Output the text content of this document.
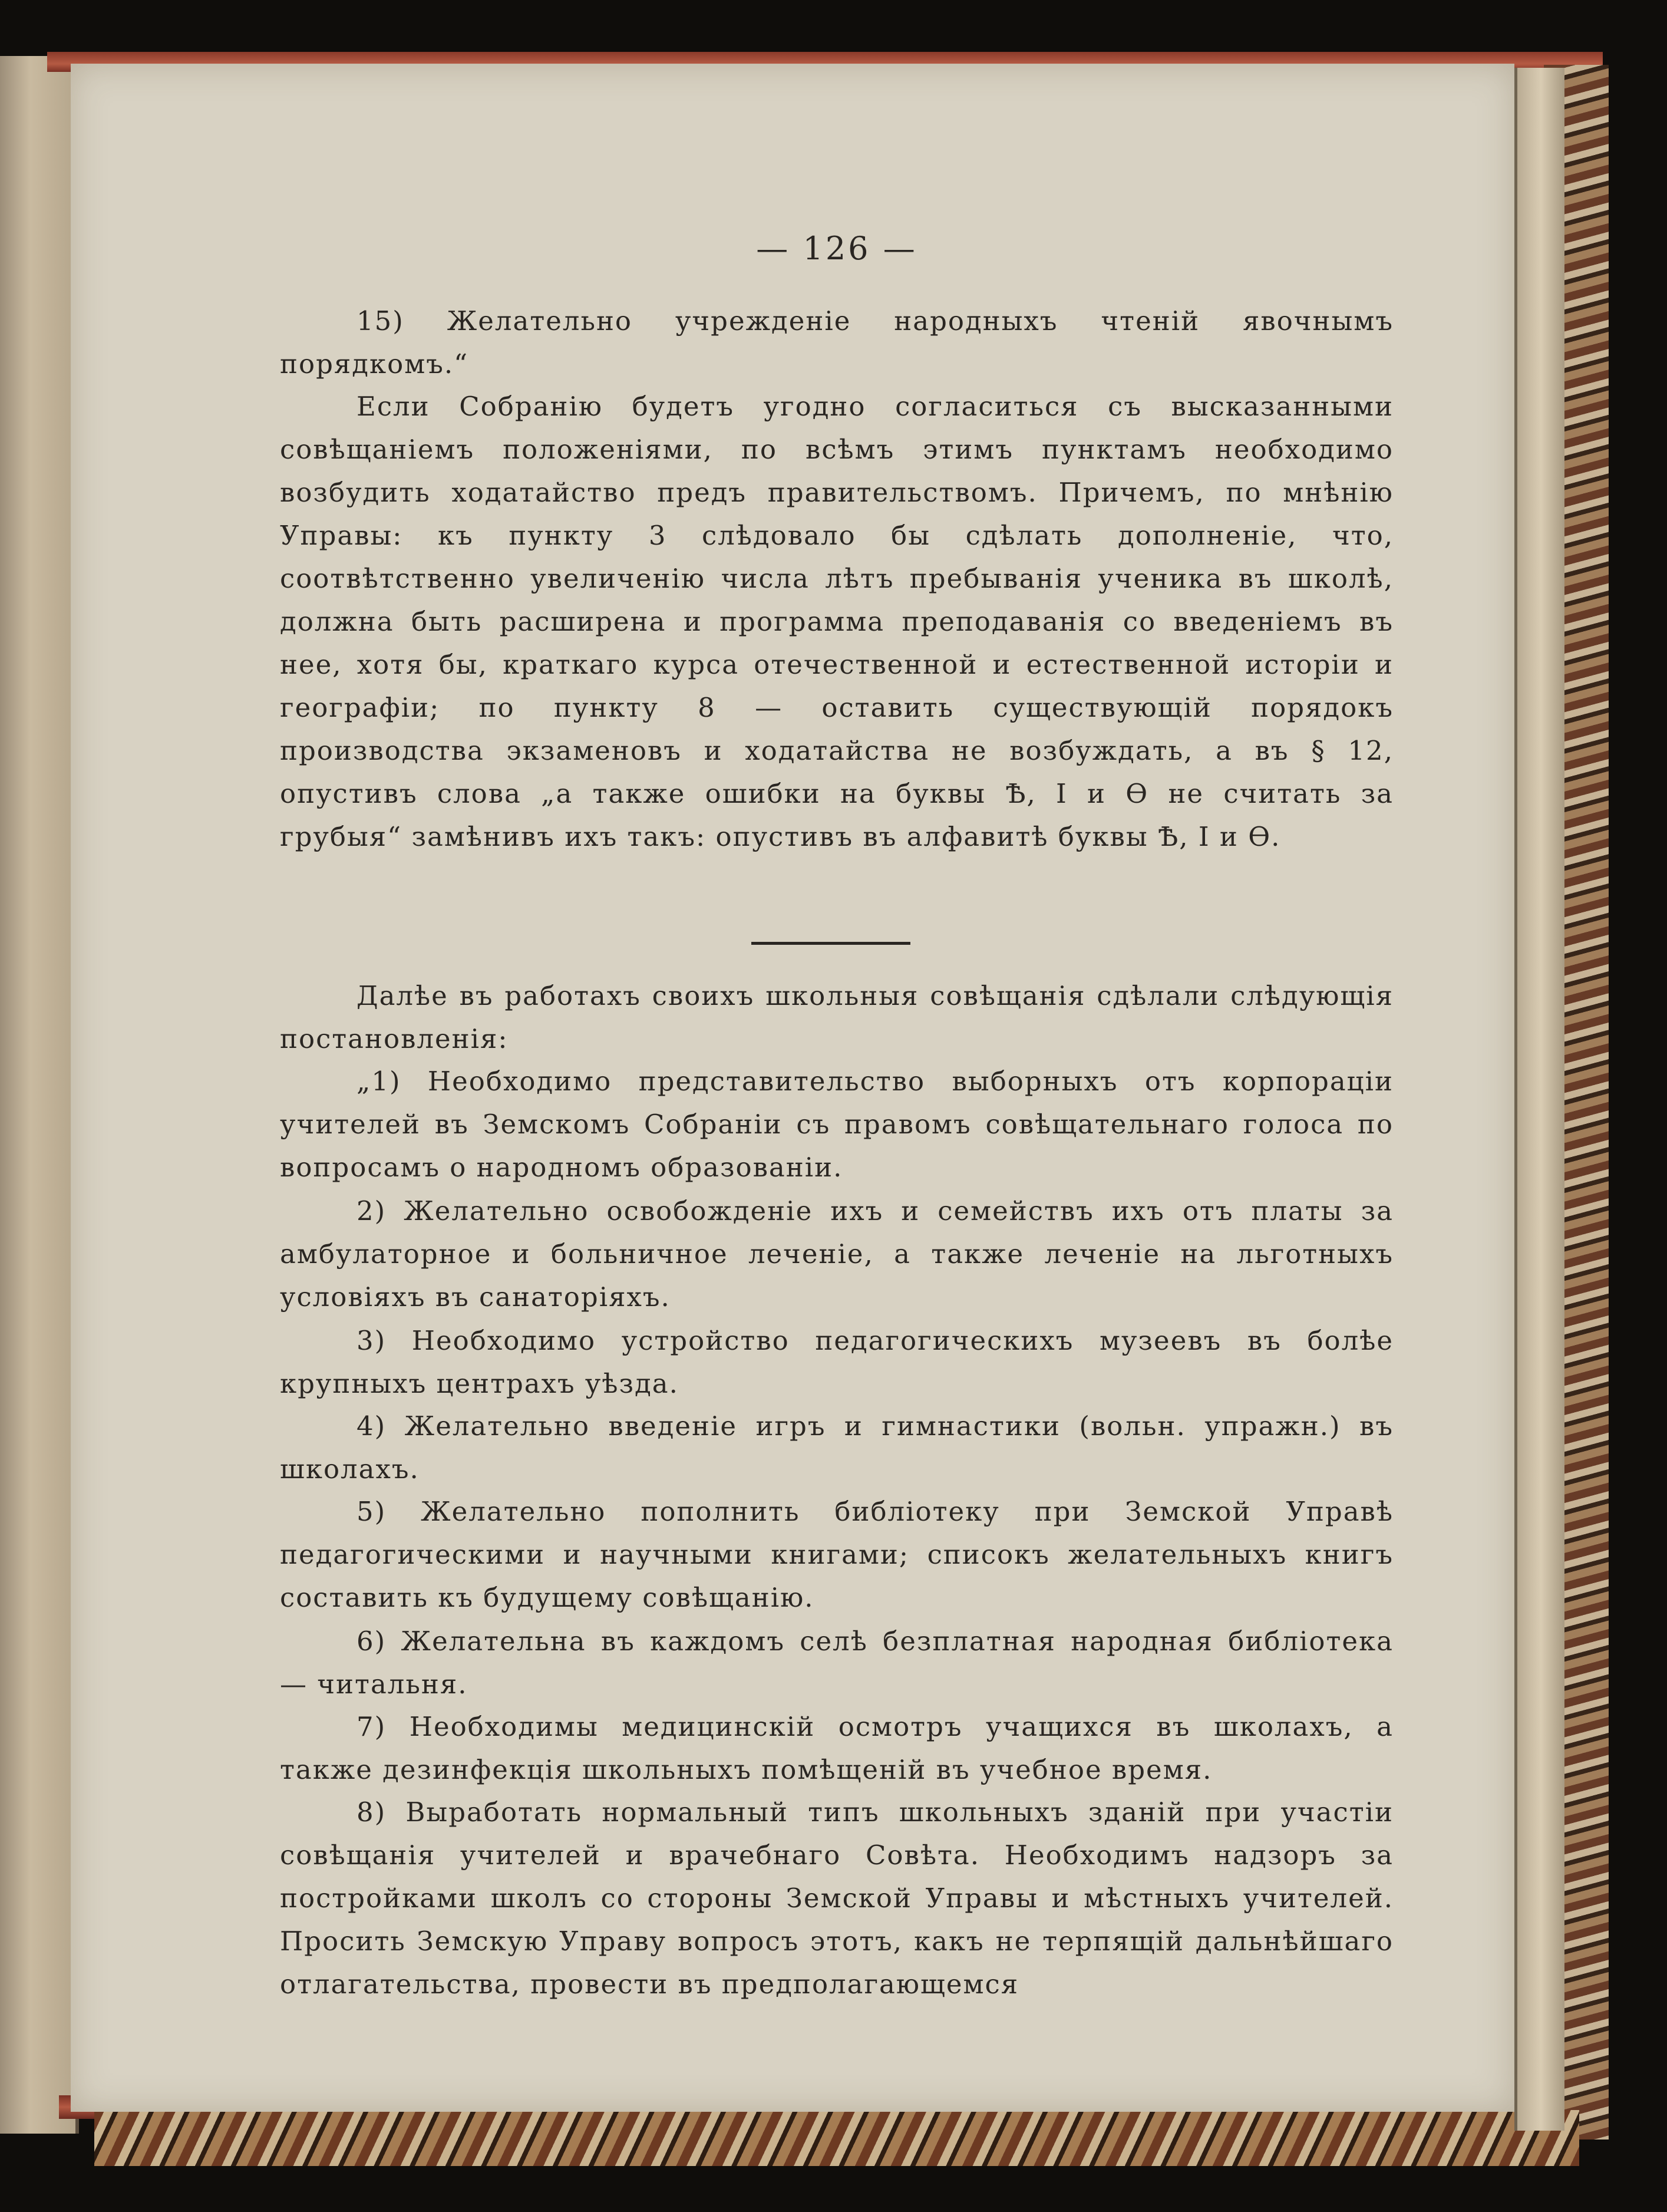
— 126 —

15) Желательно учрежденіе народныхъ чтеній явочнымъ порядкомъ.“

Если Собранію будетъ угодно согласиться съ высказанными совѣщаніемъ положеніями, по всѣмъ этимъ пунктамъ необходимо возбудить ходатайство предъ правительствомъ. Причемъ, по мнѣнію Управы: къ пункту 3 слѣдовало бы сдѣлать дополненіе, что, соотвѣтственно увеличенію числа лѣтъ пребыванія ученика въ школѣ, должна быть расширена и программа преподаванія со введеніемъ въ нее, хотя бы, краткаго курса отечественной и естественной исторіи и географіи; по пункту 8 — оставить существующій порядокъ производства экзаменовъ и ходатайства не возбуждать, а въ § 12, опустивъ слова „а также ошибки на буквы Ѣ, I и Ѳ не считать за грубыя“ замѣнивъ ихъ такъ: опустивъ въ алфавитѣ буквы Ѣ, I и Ѳ.

Далѣе въ работахъ своихъ школьныя совѣщанія сдѣлали слѣдующія постановленія:

„1) Необходимо представительство выборныхъ отъ корпораціи учителей въ Земскомъ Собраніи съ правомъ совѣщательнаго голоса по вопросамъ о народномъ образованіи.

2) Желательно освобожденіе ихъ и семействъ ихъ отъ платы за амбулаторное и больничное леченіе, а также леченіе на льготныхъ условіяхъ въ санаторіяхъ.

3) Необходимо устройство педагогическихъ музеевъ въ болѣе крупныхъ центрахъ уѣзда.

4) Желательно введеніе игръ и гимнастики (вольн. упражн.) въ школахъ.

5) Желательно пополнить библіотеку при Земской Управѣ педагогическими и научными книгами; списокъ желательныхъ книгъ составить къ будущему совѣщанію.

6) Желательна въ каждомъ селѣ безплатная народная библіотека — читальня.

7) Необходимы медицинскій осмотръ учащихся въ школахъ, а также дезинфекція школьныхъ помѣщеній въ учебное время.

8) Выработать нормальный типъ школьныхъ зданій при участіи совѣщанія учителей и врачебнаго Совѣта. Необходимъ надзоръ за постройками школъ со стороны Земской Управы и мѣстныхъ учителей. Просить Земскую Управу вопросъ этотъ, какъ не терпящій дальнѣйшаго отлагательства, провести въ предполагающемся
